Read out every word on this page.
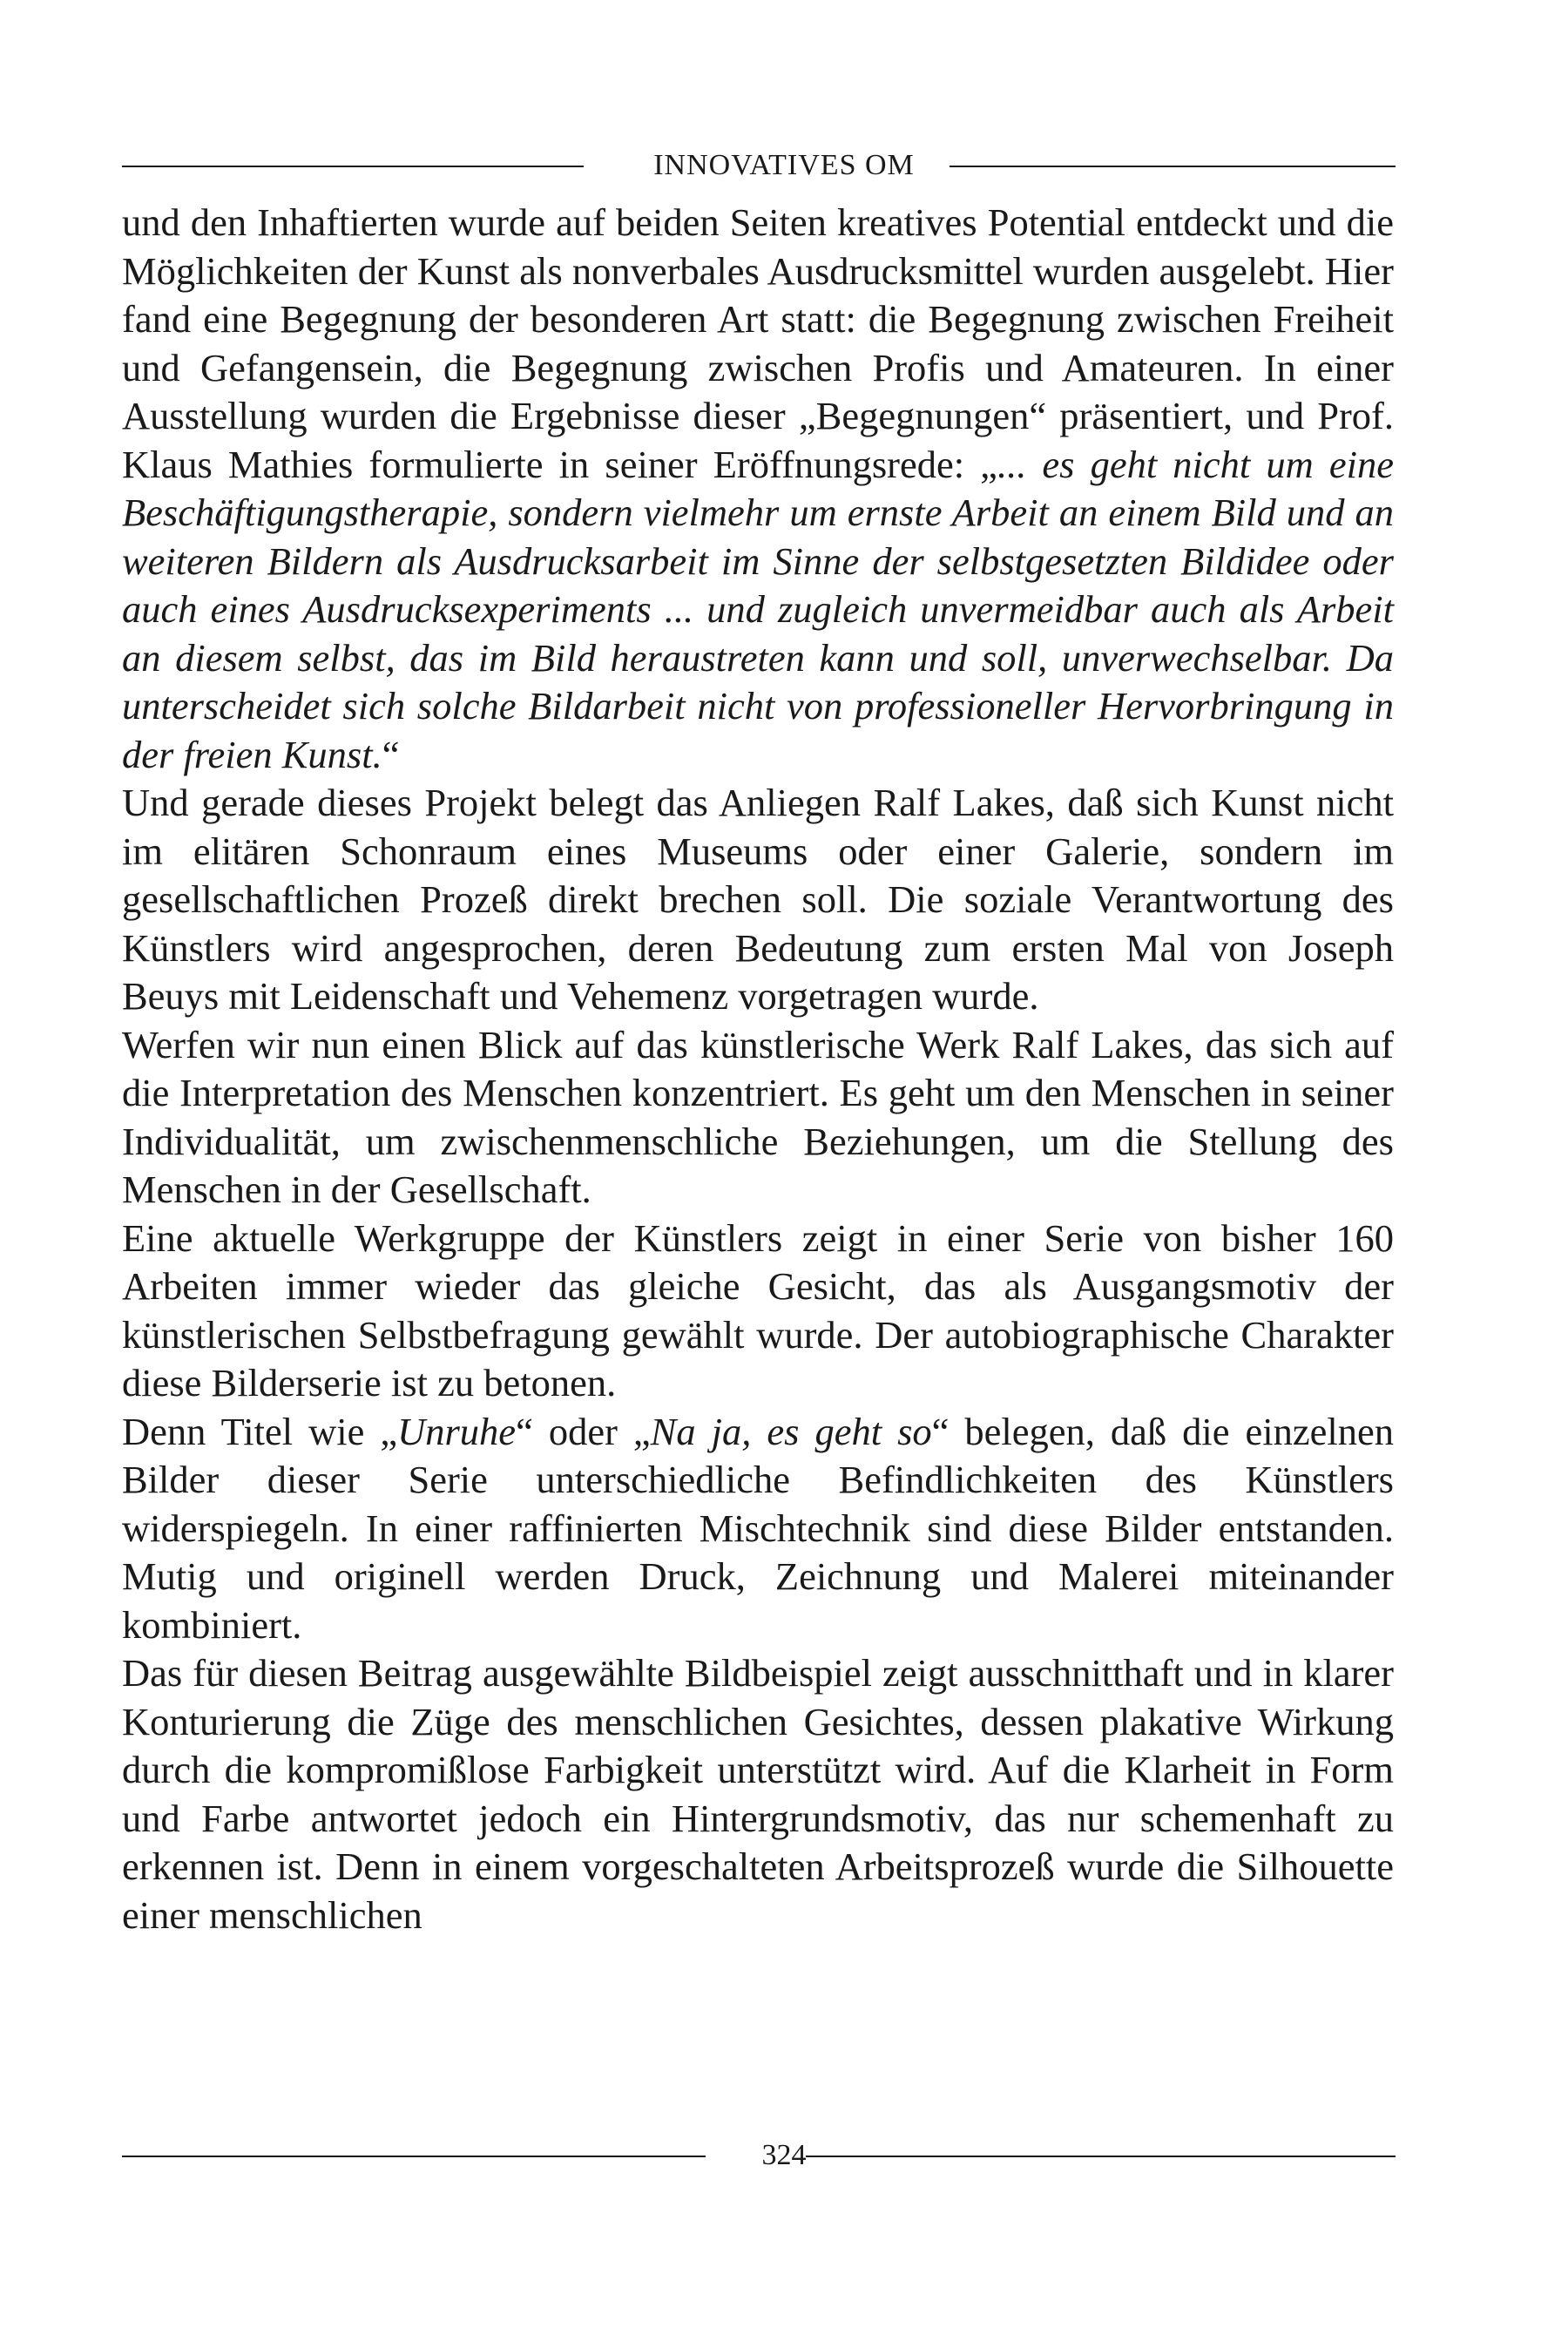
INNOVATIVES OM

und den Inhaftierten wurde auf beiden Seiten kreatives Potential entdeckt und die Möglichkeiten der Kunst als nonverbales Ausdrucksmittel wurden ausgelebt. Hier fand eine Begegnung der besonderen Art statt: die Begegnung zwischen Freiheit und Gefangensein, die Begegnung zwischen Profis und Amateuren. In einer Ausstellung wurden die Ergebnisse dieser „Begegnungen“ präsentiert, und Prof. Klaus Mathies formulierte in seiner Eröffnungsrede: „... es geht nicht um eine Beschäftigungstherapie, sondern vielmehr um ernste Arbeit an einem Bild und an weiteren Bildern als Ausdrucksarbeit im Sinne der selbstgesetzten Bildidee oder auch eines Ausdrucksexperiments ... und zugleich unvermeidbar auch als Arbeit an diesem selbst, das im Bild heraustreten kann und soll, unverwechselbar. Da unterscheidet sich solche Bildarbeit nicht von professioneller Hervorbringung in der freien Kunst.“

Und gerade dieses Projekt belegt das Anliegen Ralf Lakes, daß sich Kunst nicht im elitären Schonraum eines Museums oder einer Galerie, sondern im gesellschaftlichen Prozeß direkt brechen soll. Die soziale Verantwortung des Künstlers wird angesprochen, deren Bedeutung zum ersten Mal von Joseph Beuys mit Leidenschaft und Vehemenz vorgetragen wurde.

Werfen wir nun einen Blick auf das künstlerische Werk Ralf Lakes, das sich auf die Interpretation des Menschen konzentriert. Es geht um den Menschen in seiner Individualität, um zwischenmenschliche Beziehungen, um die Stellung des Menschen in der Gesellschaft.

Eine aktuelle Werkgruppe der Künstlers zeigt in einer Serie von bisher 160 Arbeiten immer wieder das gleiche Gesicht, das als Ausgangsmotiv der künstlerischen Selbstbefragung gewählt wurde. Der autobiographische Charakter diese Bilderserie ist zu betonen.

Denn Titel wie „Unruhe“ oder „Na ja, es geht so“ belegen, daß die einzelnen Bilder dieser Serie unterschiedliche Befindlichkeiten des Künstlers widerspiegeln. In einer raffinierten Mischtechnik sind diese Bilder entstanden. Mutig und originell werden Druck, Zeichnung und Malerei miteinander kombiniert.

Das für diesen Beitrag ausgewählte Bildbeispiel zeigt ausschnitthaft und in klarer Konturierung die Züge des menschlichen Gesichtes, dessen plakative Wirkung durch die kompromißlose Farbigkeit unterstützt wird. Auf die Klarheit in Form und Farbe antwortet jedoch ein Hintergrundsmotiv, das nur schemenhaft zu erkennen ist. Denn in einem vorgeschalteten Arbeitsprozeß wurde die Silhouette einer menschlichen

324
